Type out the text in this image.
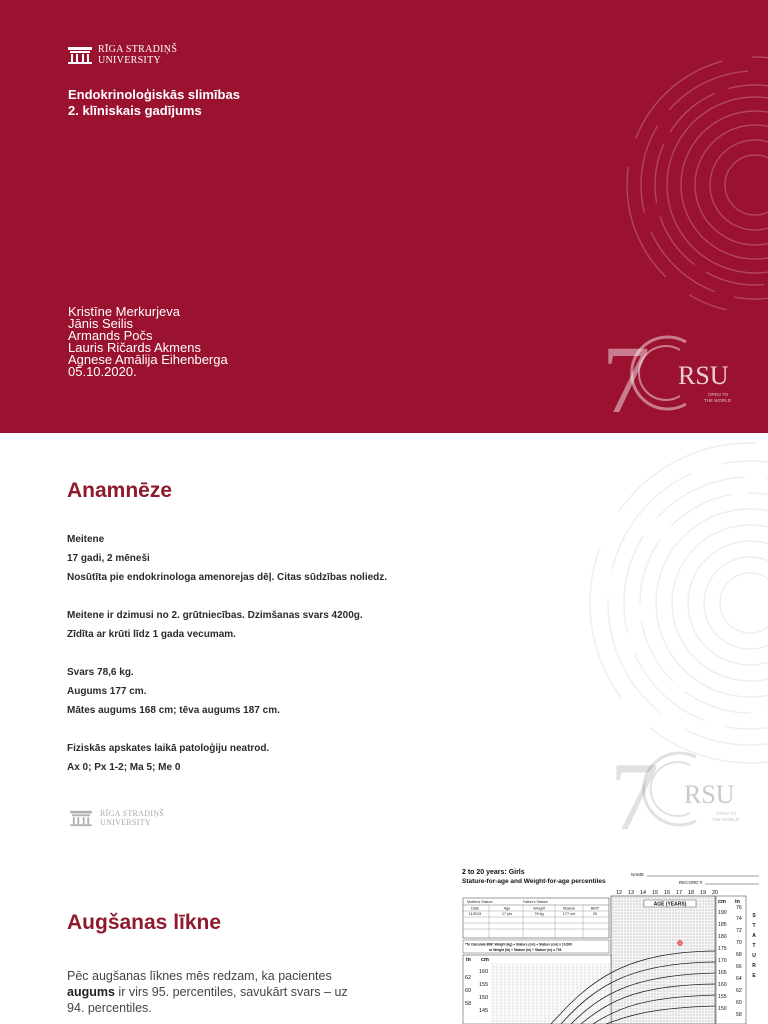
RĪGA STRADIŅŠ
UNIVERSITY
Endokrinoloģiskās slimības
2. klīniskais gadījums
Kristīne Merkurjeva
Jānis Seilis
Armands Počs
Lauris Ričards Akmens
Agnese Amālija Eihenberga
05.10.2020.	7 RSU
OPEN TO
THE WORLD
7 RSU
OPEN TO
THE WORLD
Anamnēze
Meitene
17 gadi, 2 mēneši
Nosūtīta pie endokrinologa amenorejas dēļ. Citas sūdzības noliedz.
Meitene ir dzimusi no 2. grūtniecības. Dzimšanas svars 4200g.
Zīdīta ar krūti līdz 1 gada vecumam.
Svars 78,6 kg.
Augums 177 cm.
Mātes augums 168 cm; tēva augums 187 cm.
Fiziskās apskates laikā patoloģiju neatrod.
Ax 0; Px 1-2; Ma 5; Me 0
RĪGA STRADIŅŠ
UNIVERSITY
Augšanas līkne
Pēc augšanas līknes mēs redzam, ka pacientes augums ir virs 95. percentiles, savukārt svars – uz 94. percentiles.
2 to 20 years: Girls
Stature-for-age and Weight-for-age percentiles
NAME
RECORD #
12 13 14 15 16 17 18 19 20
AGE (YEARS)
Mother's Stature	Father's Stature
Date	Age	Weight	Stature	BMI*
11/5/19	17 yrs	78 kg	177 cm	25
*To Calculate BMI: Weight (kg) ÷ Stature (cm) ÷ Stature (cm) x 10,000
or Weight (lb) ÷ Stature (in) ÷ Stature (in) x 703
in cm
160
155
150
145
62
60
58
cm in
190
185
180
175
170
165
160
155
150
76
74
72
70
68
66
64
62
60
58
S
T
A
T
U
R
E
